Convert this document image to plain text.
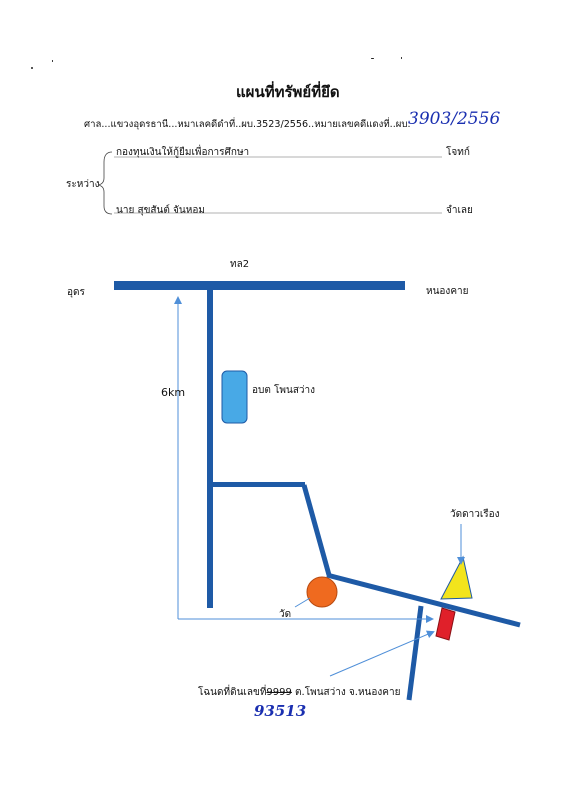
แผนที่ทรัพย์ที่ยึด
ศาล...แขวงอุดรธานี...หมาเลคดีดำที่..ผบ.3523/2556..หมายเลขคดีแดงที่..ผบ.
3903/2556
ระหว่าง
กองทุนเงินให้กู้ยืมเพื่อการศึกษา	โจทก์
นาย สุขสันต์ จันหอม	จำเลย
ทล2
อุดร	หนองคาย
6km	อบต โพนสว่าง
วัด
วัดดาวเรือง
โฉนดที่ดินเลขที่9999 ต.โพนสว่าง จ.หนองคาย
93513
